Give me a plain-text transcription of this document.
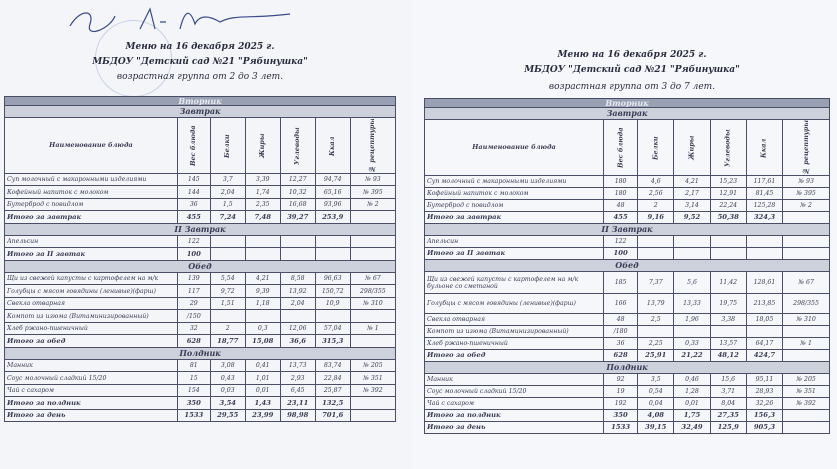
Меню на 16 декабря 2025 г.
МБДОУ "Детский сад №21 "Рябинушка"
возрастная группа от 2 до 3 лет.
Меню на 16 декабря 2025 г.
МБДОУ "Детский сад №21 "Рябинушка"
возрастная группа от 3 до 7 лет.
Вторник						
Завтрак						
Наименование блюда	Вес блюда	Белки	Жиры	Углеводы	Ккал	№ рецептуры
Суп молочный с макаронными изделиями	145	3,7	3,39	12,27	94,74	№ 93
Кофейный напиток с молоком	144	2,04	1,74	10,32	65,16	№ 395
Бутерброд с повидлом	36	1,5	2,35	16,68	93,96	№ 2
Итого за завтрак	455	7,24	7,48	39,27	253,9	
II Завтрак						
Апельсин	122					
Итого за II завтак	100					
Обед						
Щи из свежей капусты с картофелем на м/к	139	5,54	4,21	8,58	96,63	№ 67
Голубцы с мясом говядины (ленивые)(фарш)	117	9,72	9,39	13,92	150,72	298/355
Свекла отварная	29	1,51	1,18	2,04	10,9	№ 310
Компот из изюма (Витаминизированный)	/150					
Хлеб ржано-пшеничный	32	2	0,3	12,06	57,04	№ 1
Итого за обед	628	18,77	15,08	36,6	315,3	
Полдник						
Манник	81	3,08	0,41	13,73	83,74	№ 205
Соус молочный сладкий 15/20	15	0,43	1,01	2,93	22,84	№ 351
Чай с сахаром	154	0,03	0,01	6,45	25,87	№ 392
Итого за полдник	350	3,54	1,43	23,11	132,5	
Итого за день	1533	29,55	23,99	98,98	701,6	
Вторник						
Завтрак						
Наименование блюда	Вес блюда	Белки	Жиры	Углеводы	Ккал	№ рецептуры
Суп молочный с макаронными изделиями	180	4,6	4,21	15,23	117,61	№ 93
Кофейный напиток с молоком	180	2,56	2,17	12,91	81,45	№ 395
Бутерброд с повидлом	48	2	3,14	22,24	125,28	№ 2
Итого за завтрак	455	9,16	9,52	50,38	324,3	
II Завтрак						
Апельсин	122					
Итого за II завтак	100					
Обед						
Щи из свежей капусты с картофелем на м/к бульоне со сметаной	185	7,37	5,6	11,42	128,61	№ 67
Голубцы с мясом говядины (ленивые)(фарш)	166	13,79	13,33	19,75	213,85	298/355
Свекла отварная	48	2,5	1,96	3,38	18,05	№ 310
Компот из изюма (Витаминизированный)	/180					
Хлеб ржано-пшеничный	36	2,25	0,33	13,57	64,17	№ 1
Итого за обед	628	25,91	21,22	48,12	424,7	
Полдник						
Манник	92	3,5	0,46	15,6	95,11	№ 205
Соус молочный сладкий 15/20	19	0,54	1,28	3,71	28,93	№ 351
Чай с сахаром	192	0,04	0,01	8,04	32,26	№ 392
Итого за полдник	350	4,08	1,75	27,35	156,3	
Итого за день	1533	39,15	32,49	125,9	905,3	
